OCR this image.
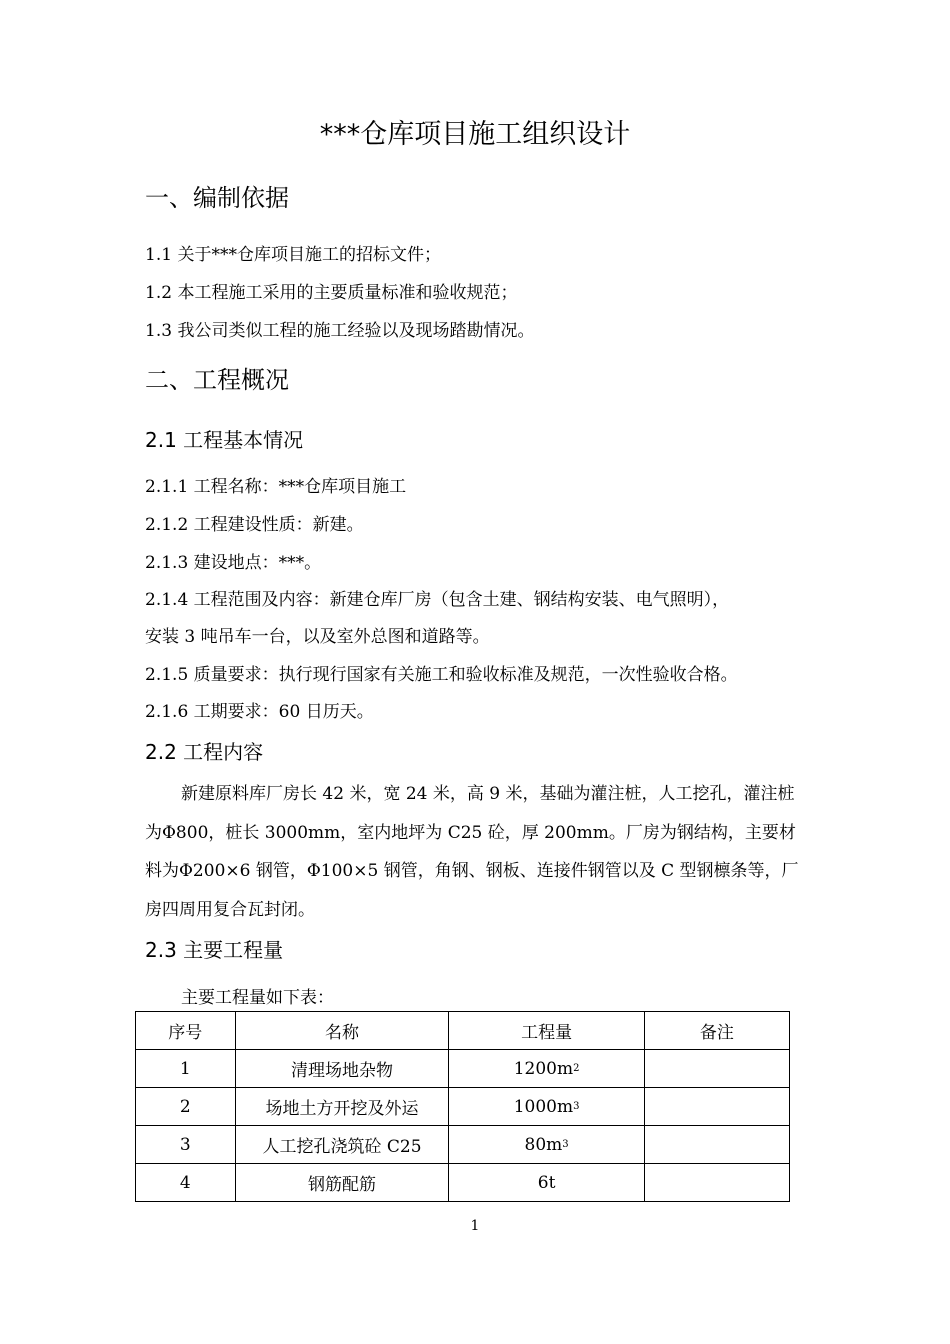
***仓库项目施工组织设计
一、编制依据
1.1 关于***仓库项目施工的招标文件；
1.2 本工程施工采用的主要质量标准和验收规范；
1.3 我公司类似工程的施工经验以及现场踏勘情况。
二、工程概况
2.1 工程基本情况
2.1.1 工程名称：***仓库项目施工
2.1.2 工程建设性质：新建。
2.1.3 建设地点：***。
2.1.4 工程范围及内容：新建仓库厂房（包含土建、钢结构安装、电气照明），
安装 3 吨吊车一台，以及室外总图和道路等。
2.1.5 质量要求：执行现行国家有关施工和验收标准及规范，一次性验收合格。
2.1.6 工期要求：60 日历天。
2.2 工程内容
新建原料库厂房长 42 米，宽 24 米，高 9 米，基础为灌注桩，人工挖孔，灌注桩为Φ800，桩长 3000mm，室内地坪为 C25 砼，厚 200mm。厂房为钢结构，主要材料为Φ200×6 钢管，Φ100×5 钢管，角钢、钢板、连接件钢管以及 C 型钢檩条等，厂房四周用复合瓦封闭。
2.3 主要工程量
主要工程量如下表：
序号	名称	工程量	备注
1	清理场地杂物	$1200m^2$	
2	场地土方开挖及外运	$1000m^3$	
3	人工挖孔浇筑砼 C25	$80m^3$	
4	钢筋配筋	6t	
1
